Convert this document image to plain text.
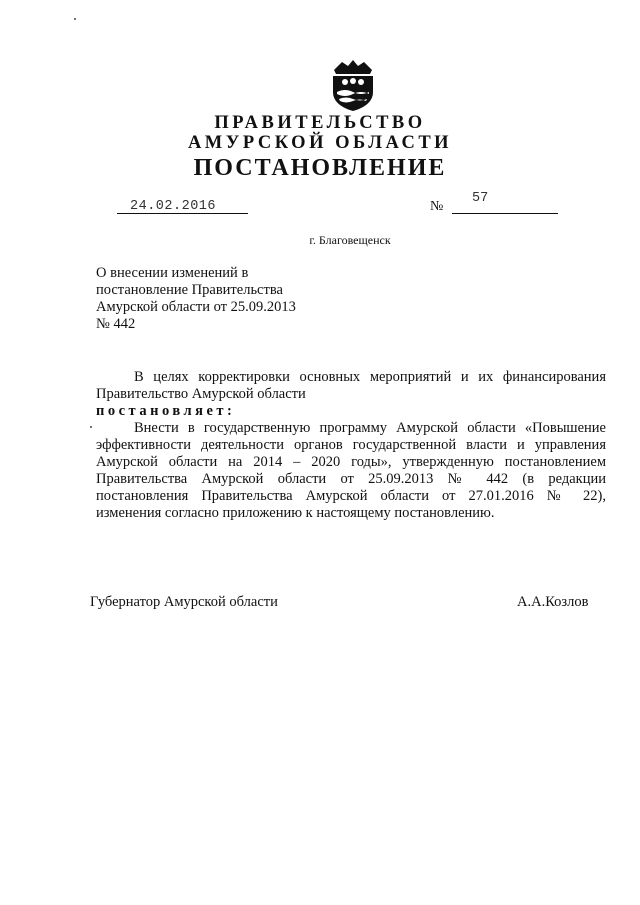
ПРАВИТЕЛЬСТВО
АМУРСКОЙ ОБЛАСТИ
ПОСТАНОВЛЕНИЕ
24.02.2016	№
57
г. Благовещенск
О внесении изменений в
постановление Правительства
Амурской области от 25.09.2013
№ 442
В целях корректировки основных мероприятий и их финансирования
Правительство Амурской области
постановляет:
Внести в государственную программу Амурской области «Повышение
эффективности деятельности органов государственной власти и управления
Амурской области на 2014 – 2020 годы», утвержденную постановлением
Правительства Амурской области от 25.09.2013 № 442 (в редакции
постановления Правительства Амурской области от 27.01.2016 № 22),
изменения согласно приложению к настоящему постановлению.
Губернатор Амурской области	А.А.Козлов
